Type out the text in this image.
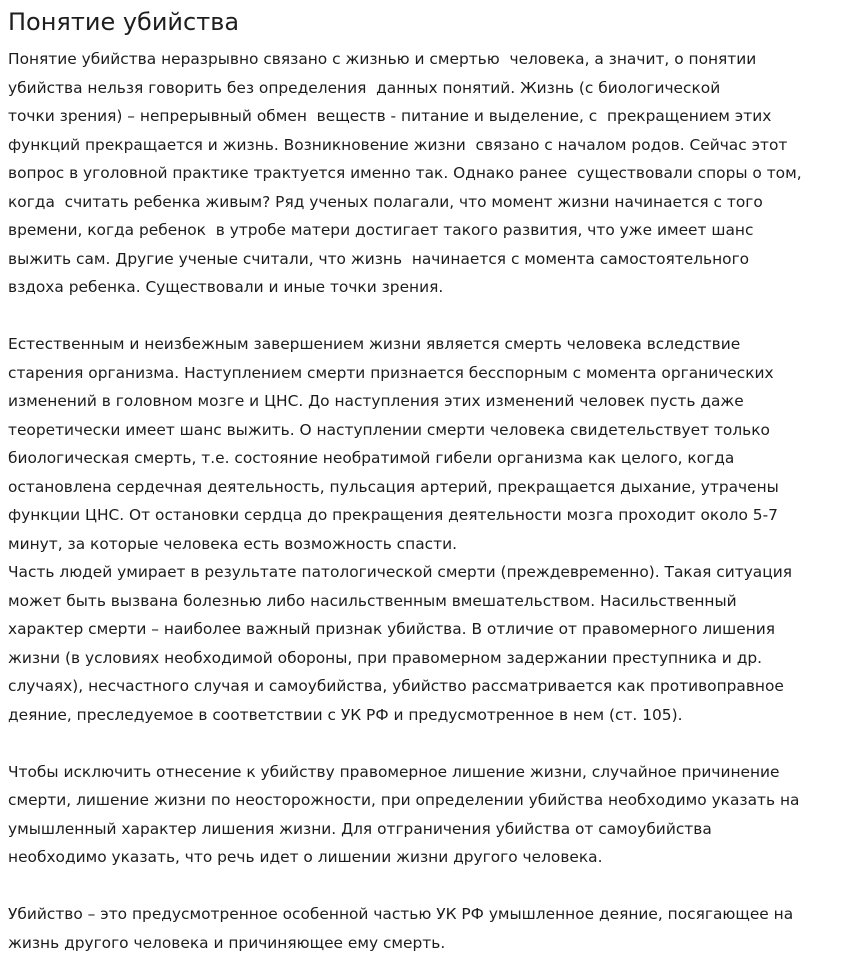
Понятие убийства
Понятие убийства неразрывно связано с жизнью и смертью  человека, а значит, о понятии
убийства нельзя говорить без определения  данных понятий. Жизнь (с биологической
точки зрения) – непрерывный обмен  веществ - питание и выделение, с  прекращением этих
функций прекращается и жизнь. Возникновение жизни  связано с началом родов. Сейчас этот
вопрос в уголовной практике трактуется именно так. Однако ранее  существовали споры о том,
когда  считать ребенка живым? Ряд ученых полагали, что момент жизни начинается с того
времени, когда ребенок  в утробе матери достигает такого развития, что уже имеет шанс
выжить сам. Другие ученые считали, что жизнь  начинается с момента самостоятельного
вздоха ребенка. Существовали и иные точки зрения.
Естественным и неизбежным завершением жизни является смерть человека вследствие
старения организма. Наступлением смерти признается бесспорным с момента органических
изменений в головном мозге и ЦНС. До наступления этих изменений человек пусть даже
теоретически имеет шанс выжить. О наступлении смерти человека свидетельствует только
биологическая смерть, т.е. состояние необратимой гибели организма как целого, когда
остановлена сердечная деятельность, пульсация артерий, прекращается дыхание, утрачены
функции ЦНС. От остановки сердца до прекращения деятельности мозга проходит около 5-7
минут, за которые человека есть возможность спасти.
Часть людей умирает в результате патологической смерти (преждевременно). Такая ситуация
может быть вызвана болезнью либо насильственным вмешательством. Насильственный
характер смерти – наиболее важный признак убийства. В отличие от правомерного лишения
жизни (в условиях необходимой обороны, при правомерном задержании преступника и др.
случаях), несчастного случая и самоубийства, убийство рассматривается как противоправное
деяние, преследуемое в соответствии с УК РФ и предусмотренное в нем (ст. 105).
Чтобы исключить отнесение к убийству правомерное лишение жизни, случайное причинение
смерти, лишение жизни по неосторожности, при определении убийства необходимо указать на
умышленный характер лишения жизни. Для отграничения убийства от самоубийства
необходимо указать, что речь идет о лишении жизни другого человека.
Убийство – это предусмотренное особенной частью УК РФ умышленное деяние, посягающее на
жизнь другого человека и причиняющее ему смерть.
